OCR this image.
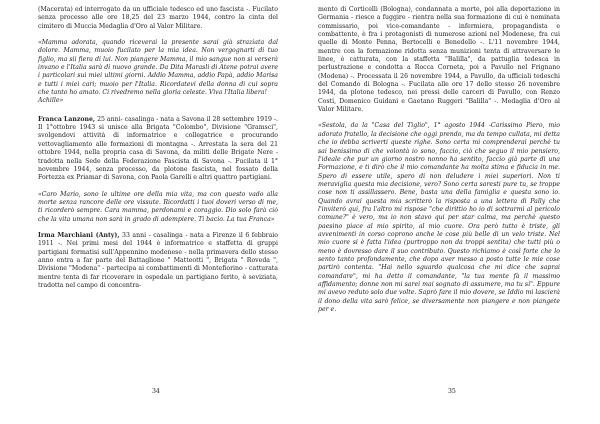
(Macerata) ed interrogato da un ufficiale tedesco ed uno fascista -. Fucilato senza processo alle ore 18,25 del 23 marzo 1944, contro la cinta del cimitero di Muccia Medaglia d'Oro al Valor Militare.

«Mamma adorata, quando riceverai la presente sarai già straziata dal dolore. Mamma, muoio fucilato per la mia idea. Non vergognarti di tuo figlio, ma sii fiera di lui. Non piangere Mamma, il mio sangue non si verserà invano e l'Italia sarà di nuovo grande. Da Dita Marasli di Atene potrai avere i particolari sui miei ultimi giorni. Addio Mamma, addio Papà, addio Marisa e tutti i miei cari; muoio per l'Italia. Ricordatevi della donna di cui sopra che tanto ho amato. Ci rivedremo nella gloria celeste. Viva l'Italia libera!

Achille»

Franca Lanzone, 25 anni- casalinga - nata a Savona il 28 settembre 1919 -. Il 1°ottobre 1943 si unisce alla Brigata "Colombo", Divisione "Gramsci", svolgendovi attività di informatrice e collegatrice e procurando vettovagliamento alle formazioni di montagna -. Arrestata la sera del 21 ottobre 1944, nella propria casa di Savona, da militi delle Brigate Nere - tradotta nella Sede della Federazione Fascista di Savona -. Fucilata il 1° novembre 1944, senza processo, da plotone fascista, nel fossato della Fortezza ex Priamar di Savona, con Paola Garelli e altri quattro partigiani.

«Caro Mario, sono le ultime ore della mia vita, ma con questo vado alla morte senza rancore delle ore vissute. Ricordatti i tuoi doveri verso di me, ti ricorderò sempre. Cara mamma, perdonami e coraggio. Dio solo farà ciò che la vita umana non sarà in grado di adempiere. Ti bacio. La tua Franca»

Irma Marchiani (Anty), 33 anni - casalinga - nata a Firenze il 6 febbraio 1911 -. Nei primi mesi del 1944 è informatrice e staffetta di gruppi partigiani formatisi sull'Appennino modenese - nella primavera dello stesso anno entra a far parte del Battaglione " Matteotti ", Brigata " Roveda ", Divisione "Modena" - partecipa ai combattimenti di Montefiorino - catturata mentre tenta di far ricoverare in ospedale un partigiano ferito, è seviziata, tradotta nel campo di concentra-

34

mento di Corticelli (Bologna), condannata a morte, poi alla deportazione in Germania - riesce a fuggire - rientra nella sua formazione di cui è nominata commissario, poi vice-comandante - infermiera, propagandista e combattente, è fra i protagonisti di numerose azioni nel Modenese, fra cui quelle di Monte Penna, Bertocelli e Benedello -. L'11 novembre 1944, mentre con la formazione ridotta senza munizioni tenta di attraversare le linee, è catturata, con la staffetta "Balilla", da pattuglia tedesca in perlustrazione e condotta a Rocca Corneta, poi a Pavullo nel Frignano (Modena) -. Processata il 26 novembre 1944, a Pavullo, da ufficiali tedeschi del Comando di Bologna -. Fucilata alle ore 17 dello stesso 26 novembre 1944, da plotone tedesco, nei pressi delle carceri di Pavullo, con Renzo Costi, Domenico Guidani e Gaetano Ruggeri "Balilla" -. Medaglia d'Oro al Valor Militare.

«Sestola, da la "Casa del Tiglio", 1° agosto 1944 -Carissimo Piero, mio adorato fratello, la decisione che oggi prendo, ma da tempo cullata, mi detta che io debba scriverti queste righe. Sono certa mi comprenderai perchè tu sai benissimo di che volontà io sono, faccio, ciò che seguo il mio pensiero, l'ideale che pur un giorno nostro nonno ha sentito, faccio già parte di una Formazione, e ti dirò che il mio comandante ha molta stima e fiducia in me. Spero di essere utile, spero di non deludere i miei superiori. Non ti meraviglia questa mia decisione, vero? Sono certa saresti pure tu, se troppe cose non ti assillassero. Bene, basta una della famiglia e questa sono io. Quando avrai questa mia scritterò la risposta a una lettera di Pally che l'inviterò qui, fra l'altro mi rispose "che dirittio ho io di sottrarmi al pericolo comune?" è vero, ma io non stavo qui per star calma, ma perchè questo paesino piace al mio spirito, al mio cuore. Ora però tutto è triste, gli avvenimenti in corso coprono anche le cose più belle di un velo triste. Nel mio cuore si è fatta l'idea (purtroppo non da troppi sentita) che tutti più o meno è dovresso dare il suo contributo. Questo richiamo è così forte che lo sento tanto profondamente, che dopo aver messo a posto tutte le mie cose partirò contenta. "Hai nello sguardo qualcosa che mi dice che saprai comandare", mi ha detto il comandante, "la tua mente fà il massimo affidamento; donne non mi sarei mai sognato di assumere, ma tu sì". Eppure mi avevo reduto solo due volte. Saprò fare il mio dovere, se Iddio mi lascierà il dono della vita sarò felice, se diversamente non piangere e non piangete per e.

35
